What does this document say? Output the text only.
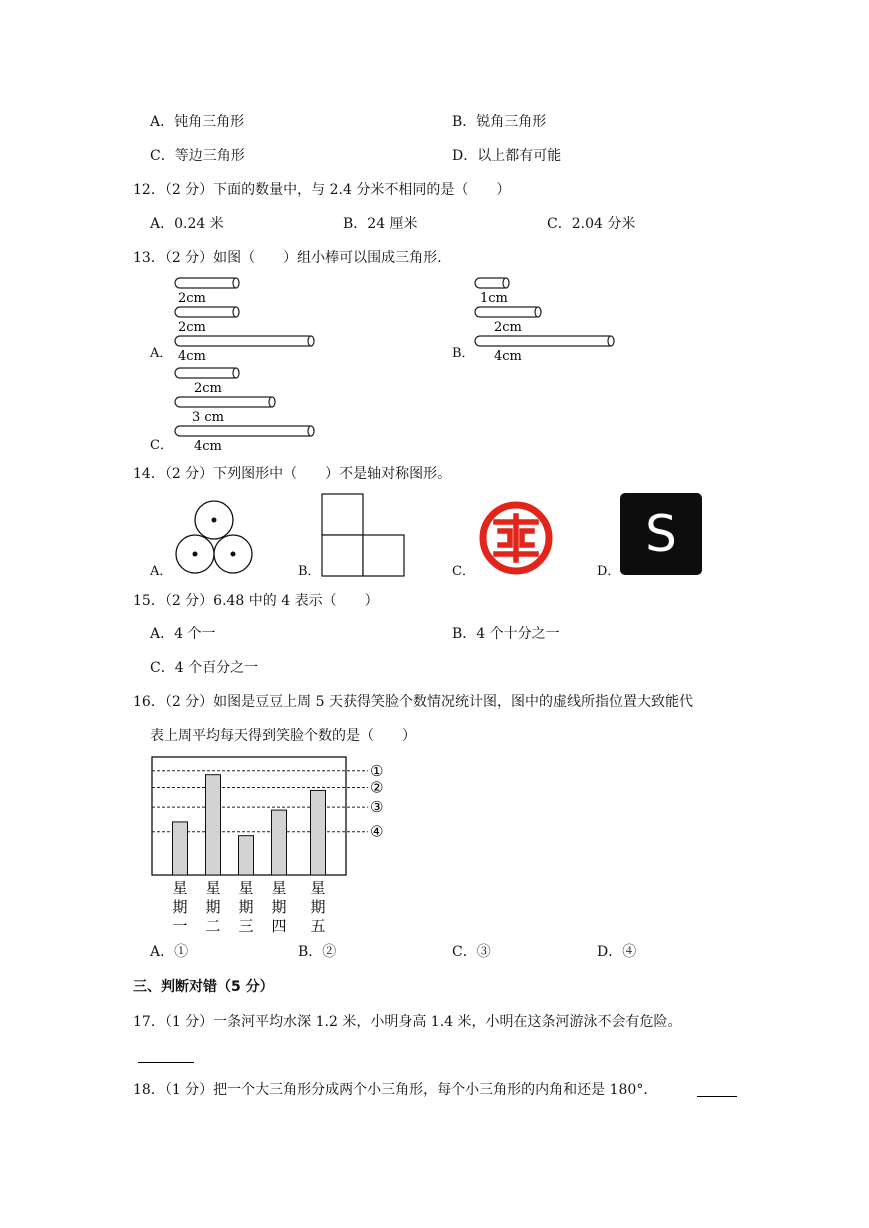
A．钝角三角形	B．锐角三角形
C．等边三角形	D．以上都有可能
12．（2 分）下面的数量中，与 2.4 分米不相同的是（　　）
A．0.24 米	B．24 厘米	C．2.04 分米
13．（2 分）如图（　　）组小棒可以围成三角形.
2cm
2cm
4cm
A．
1cm
2cm
4cm
B．
2cm
3 cm
4cm
C．
14．（2 分）下列图形中（　　）不是轴对称图形。
A．	B．	C．
S
D．
15．（2 分）6.48 中的 4 表示（　　）
A．4 个一	B．4 个十分之一
C．4 个百分之一
16．（2 分）如图是豆豆上周 5 天获得笑脸个数情况统计图，图中的虚线所指位置大致能代
表上周平均每天得到笑脸个数的是（　　）
①
②
③
④
星
期
一
星
期
二
星
期
三
星
期
四
星
期
五
A．①	B．②	C．③	D．④
三、判断对错（5 分）
17．（1 分）一条河平均水深 1.2 米，小明身高 1.4 米，小明在这条河游泳不会有危险。
18．（1 分）把一个大三角形分成两个小三角形，每个小三角形的内角和还是 180°．
